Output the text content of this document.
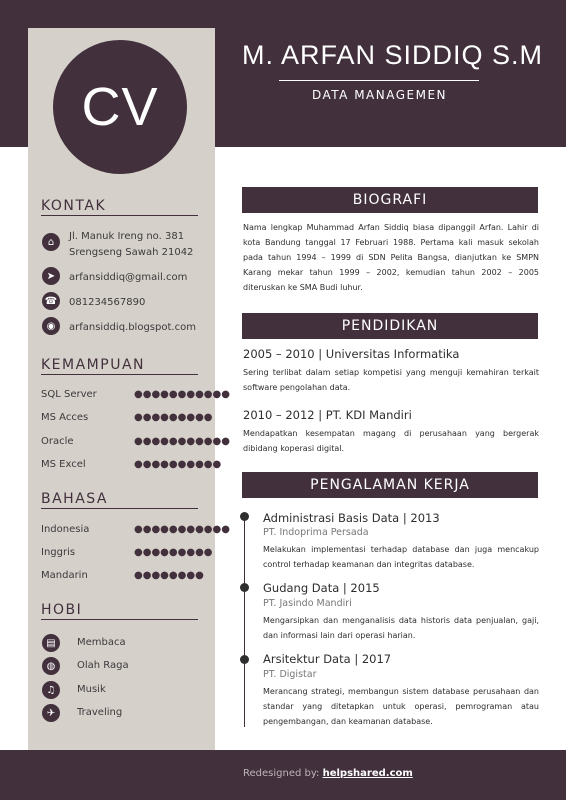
CV
M. ARFAN SIDDIQ S.M
DATA MANAGEMEN
KONTAK
⌂	Jl. Manuk Ireng no. 381
Srengseng Sawah 21042
➤	arfansiddiq@gmail.com
☎ 081234567890
◉	arfansiddiq.blogspot.com
KEMAMPUAN
SQL Server	●●●●●●●●●●●
MS Acces	●●●●●●●●●
Oracle	●●●●●●●●●●●
MS Excel	●●●●●●●●●●
BAHASA
Indonesia	●●●●●●●●●●●
Inggris	●●●●●●●●●
Mandarin	●●●●●●●●
HOBI
▤	Membaca
◍	Olah Raga
♫	Musik
✈	Traveling
BIOGRAFI
Nama lengkap Muhammad Arfan Siddiq biasa dipanggil Arfan. Lahir di kota Bandung tanggal 17 Februari 1988. Pertama kali masuk sekolah pada tahun 1994 – 1999 di SDN Pelita Bangsa, dianjutkan ke SMPN Karang mekar tahun 1999 – 2002, kemudian tahun 2002 – 2005 diteruskan ke SMA Budi luhur.
PENDIDIKAN
2005 – 2010 | Universitas Informatika
Sering terlibat dalam setiap kompetisi yang menguji kemahiran terkait software pengolahan data.
2010 – 2012 | PT. KDI Mandiri
Mendapatkan kesempatan magang di perusahaan yang bergerak dibidang koperasi digital.
PENGALAMAN KERJA
Administrasi Basis Data | 2013
PT. Indoprima Persada
Melakukan implementasi terhadap database dan juga mencakup control terhadap keamanan dan integritas database.
Gudang Data | 2015
PT. Jasindo Mandiri
Mengarsipkan dan menganalisis data historis data penjualan, gaji, dan informasi lain dari operasi harian.
Arsitektur Data | 2017
PT. Digistar
Merancang strategi, membangun sistem database perusahaan dan standar yang ditetapkan untuk operasi, pemrograman atau pengembangan, dan keamanan database.
Redesigned by: helpshared.com
